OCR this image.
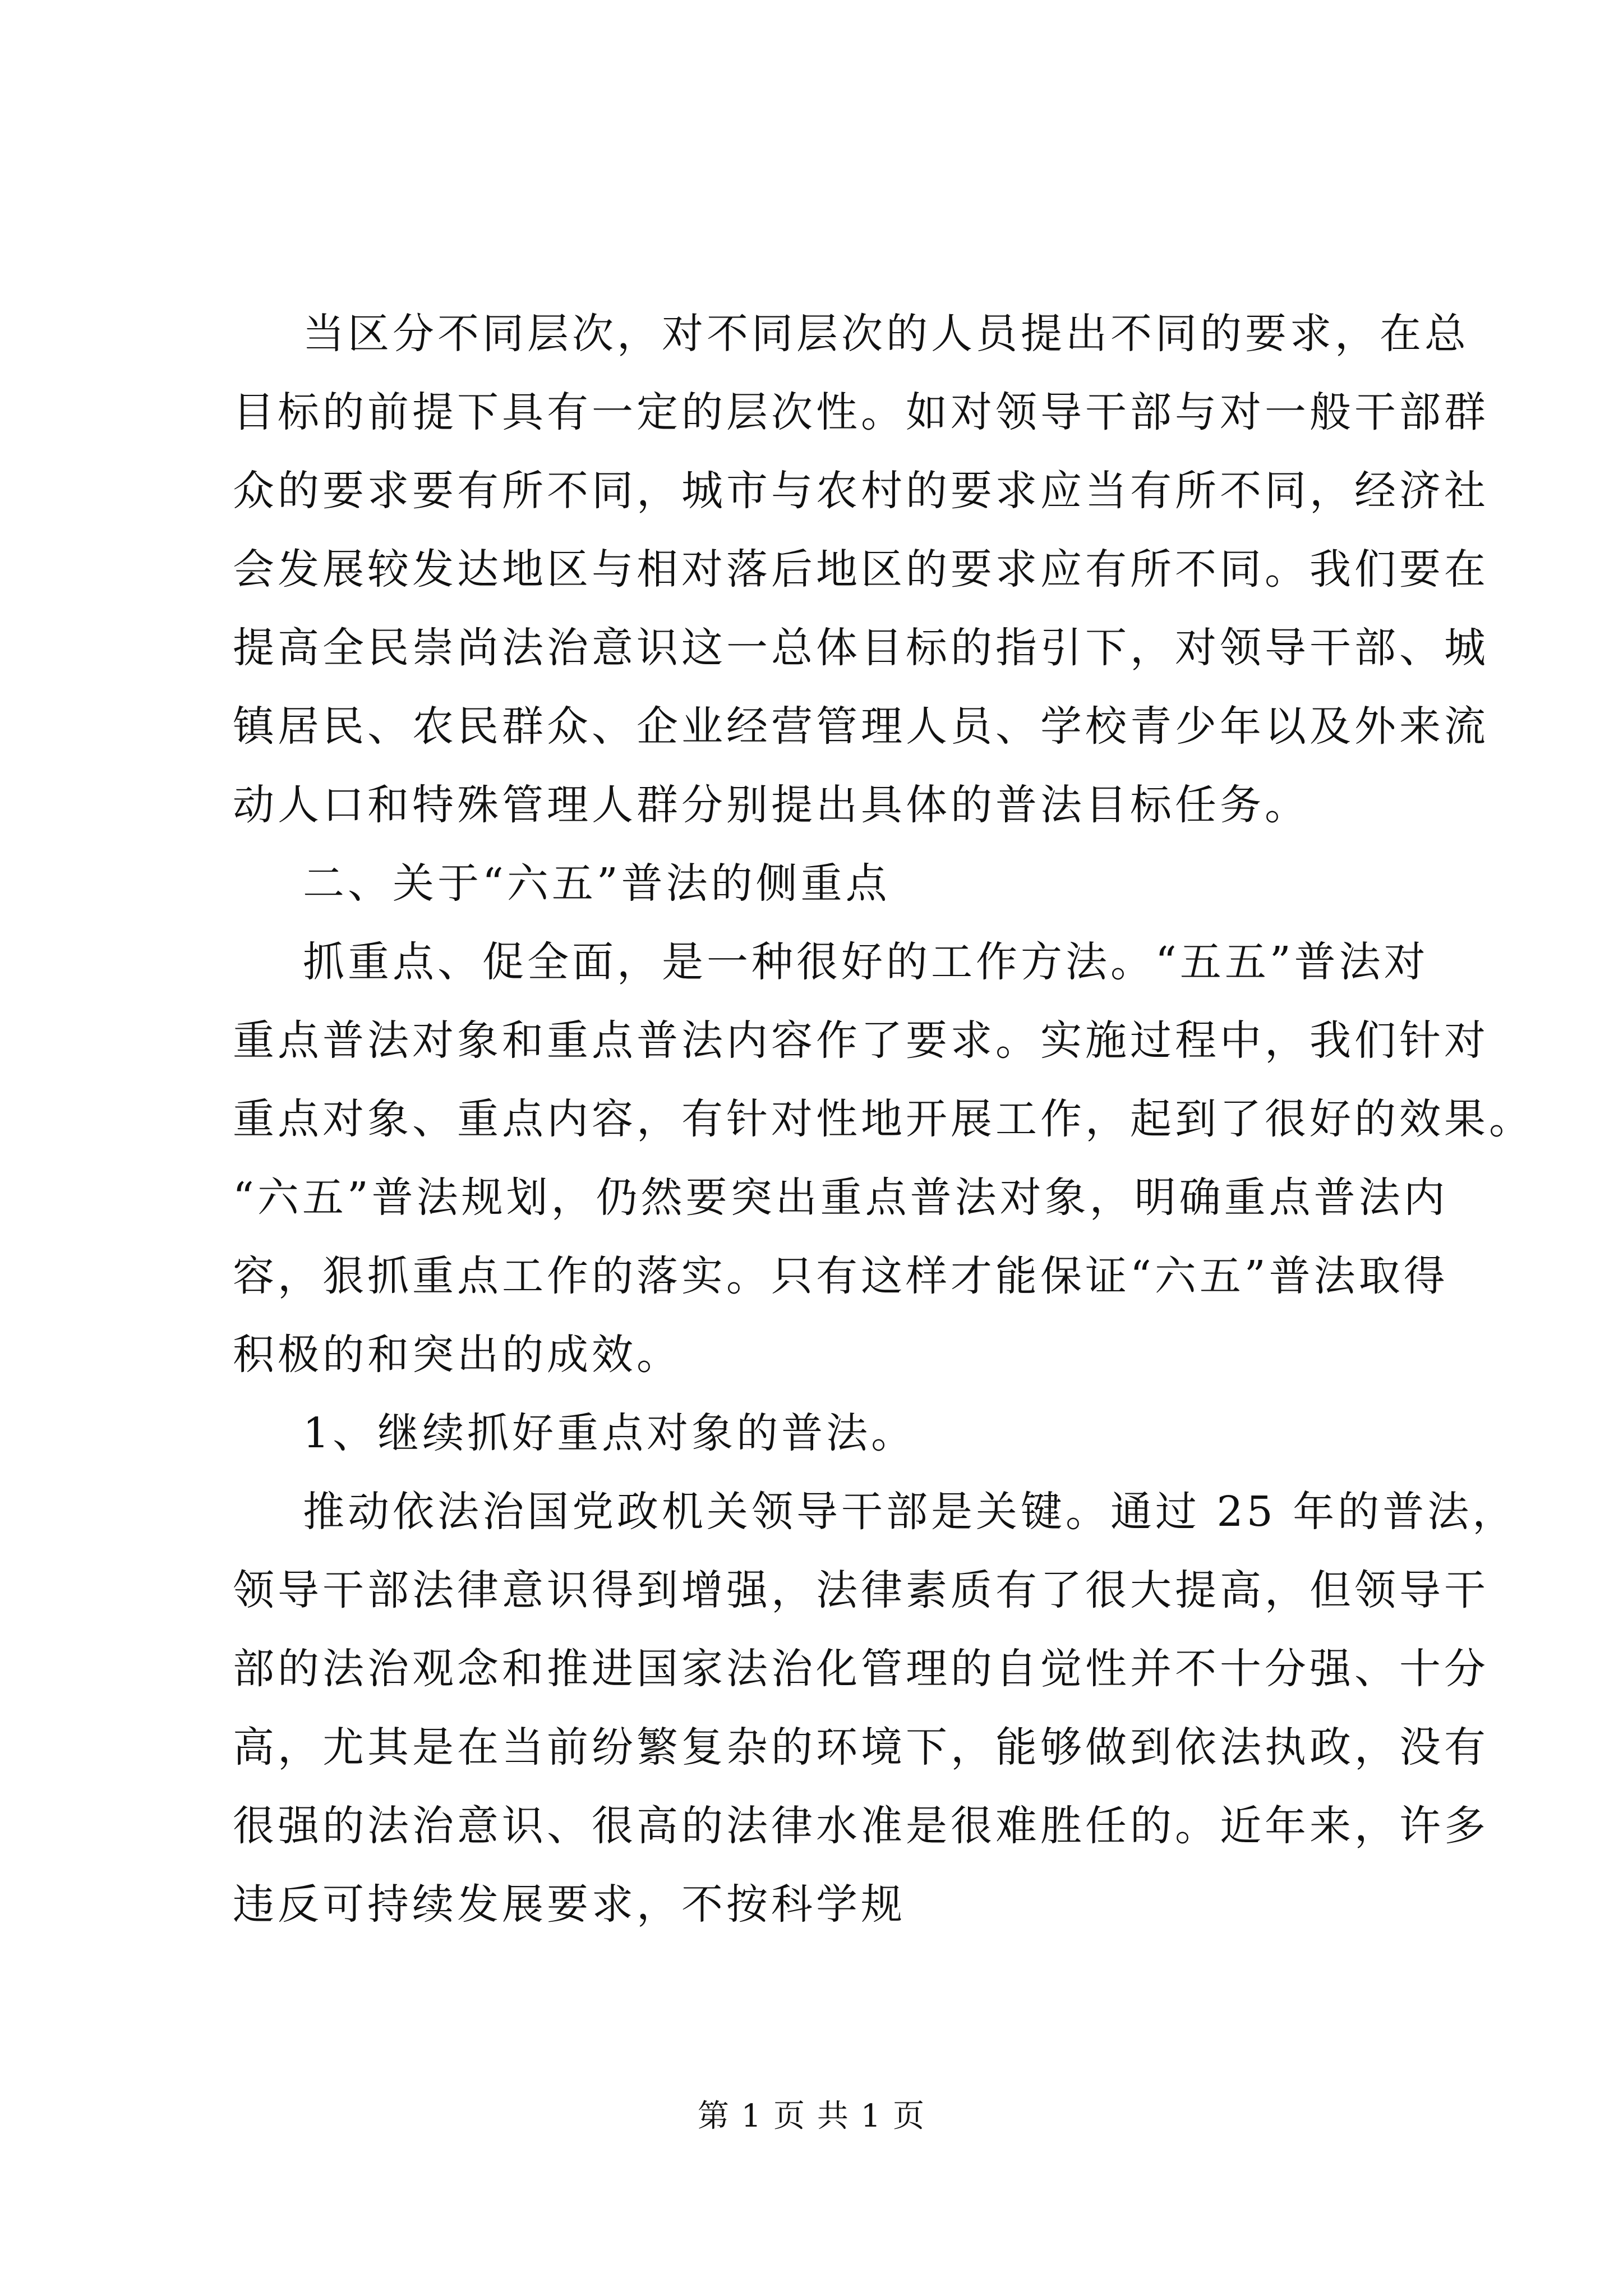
当区分不同层次，对不同层次的人员提出不同的要求，在总

目标的前提下具有一定的层次性。如对领导干部与对一般干部群

众的要求要有所不同，城市与农村的要求应当有所不同，经济社

会发展较发达地区与相对落后地区的要求应有所不同。我们要在

提高全民崇尚法治意识这一总体目标的指引下，对领导干部、城

镇居民、农民群众、企业经营管理人员、学校青少年以及外来流

动人口和特殊管理人群分别提出具体的普法目标任务。

二、关于“六五”普法的侧重点

抓重点、促全面，是一种很好的工作方法。“五五”普法对

重点普法对象和重点普法内容作了要求。实施过程中，我们针对

重点对象、重点内容，有针对性地开展工作，起到了很好的效果。

“六五”普法规划，仍然要突出重点普法对象，明确重点普法内

容，狠抓重点工作的落实。只有这样才能保证“六五”普法取得

积极的和突出的成效。

1、继续抓好重点对象的普法。

推动依法治国党政机关领导干部是关键。通过 25 年的普法，

领导干部法律意识得到增强，法律素质有了很大提高，但领导干

部的法治观念和推进国家法治化管理的自觉性并不十分强、十分

高，尤其是在当前纷繁复杂的环境下，能够做到依法执政，没有

很强的法治意识、很高的法律水准是很难胜任的。近年来，许多

违反可持续发展要求，不按科学规

第 1 页 共 1 页
